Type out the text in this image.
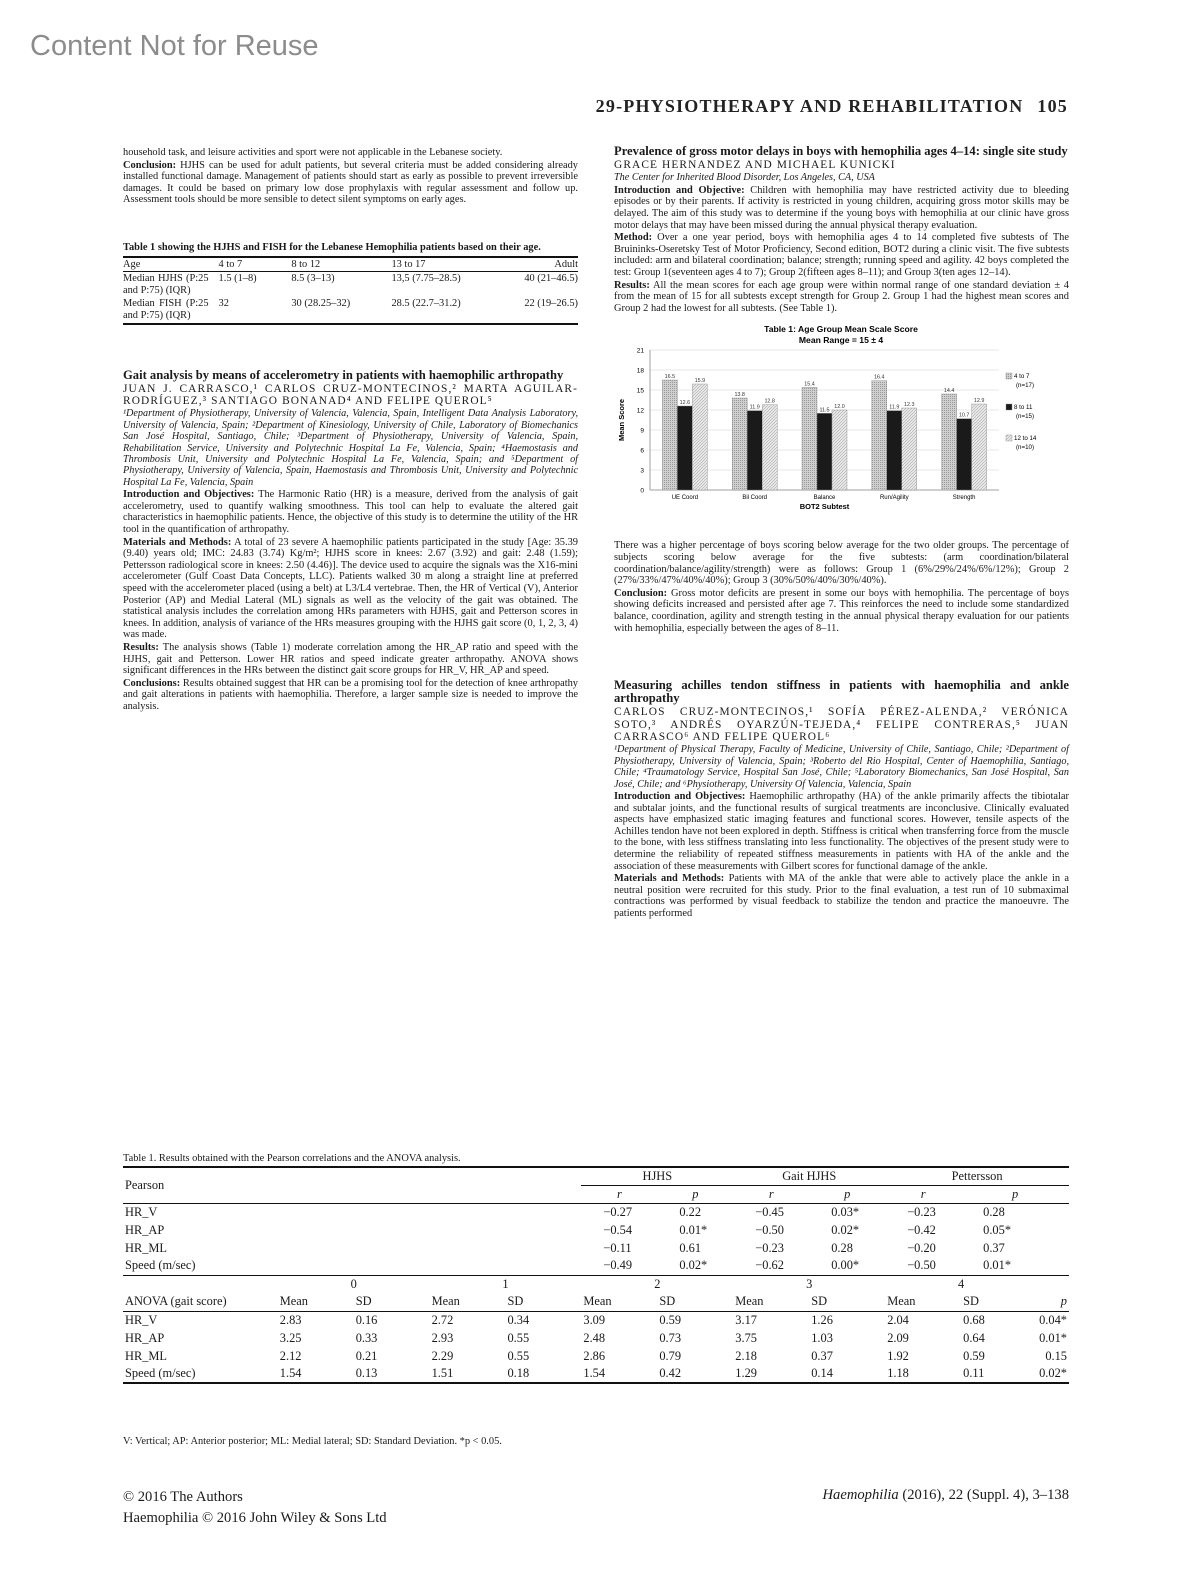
Content Not for Reuse
29-PHYSIOTHERAPY AND REHABILITATION 105

household task, and leisure activities and sport were not applicable in the Lebanese society.

Conclusion: HJHS can be used for adult patients, but several criteria must be added considering already installed functional damage. Management of patients should start as early as possible to prevent irreversible damages. It could be based on primary low dose prophylaxis with regular assessment and follow up. Assessment tools should be more sensible to detect silent symptoms on early ages.

Table 1 showing the HJHS and FISH for the Lebanese Hemophilia patients based on their age.

Age	4 to 7	8 to 12	13 to 17	Adult
Median HJHS (P:25 and P:75) (IQR)	1.5 (1–8)	8.5 (3–13)	13,5 (7.75–28.5)	40 (21–46.5)
Median FISH (P:25 and P:75) (IQR)	32	30 (28.25–32)	28.5 (22.7–31.2)	22 (19–26.5)

Gait analysis by means of accelerometry in patients with haemophilic arthropathy

JUAN J. CARRASCO,¹ CARLOS CRUZ-MONTECINOS,² MARTA AGUILAR-RODRÍGUEZ,³ SANTIAGO BONANAD⁴ AND FELIPE QUEROL⁵

¹Department of Physiotherapy, University of Valencia, Valencia, Spain, Intelligent Data Analysis Laboratory, University of Valencia, Spain; ²Department of Kinesiology, University of Chile, Laboratory of Biomechanics San José Hospital, Santiago, Chile; ³Department of Physiotherapy, University of Valencia, Spain, Rehabilitation Service, University and Polytechnic Hospital La Fe, Valencia, Spain; ⁴Haemostasis and Thrombosis Unit, University and Polytechnic Hospital La Fe, Valencia, Spain; and ⁵Department of Physiotherapy, University of Valencia, Spain, Haemostasis and Thrombosis Unit, University and Polytechnic Hospital La Fe, Valencia, Spain

Introduction and Objectives: The Harmonic Ratio (HR) is a measure, derived from the analysis of gait accelerometry, used to quantify walking smoothness. This tool can help to evaluate the altered gait characteristics in haemophilic patients. Hence, the objective of this study is to determine the utility of the HR tool in the quantification of arthropathy.

Materials and Methods: A total of 23 severe A haemophilic patients participated in the study [Age: 35.39 (9.40) years old; IMC: 24.83 (3.74) Kg/m²; HJHS score in knees: 2.67 (3.92) and gait: 2.48 (1.59); Pettersson radiological score in knees: 2.50 (4.46)]. The device used to acquire the signals was the X16-mini accelerometer (Gulf Coast Data Concepts, LLC). Patients walked 30 m along a straight line at preferred speed with the accelerometer placed (using a belt) at L3/L4 vertebrae. Then, the HR of Vertical (V), Anterior Posterior (AP) and Medial Lateral (ML) signals as well as the velocity of the gait was obtained. The statistical analysis includes the correlation among HRs parameters with HJHS, gait and Petterson scores in knees. In addition, analysis of variance of the HRs measures grouping with the HJHS gait score (0, 1, 2, 3, 4) was made.

Results: The analysis shows (Table 1) moderate correlation among the HR_AP ratio and speed with the HJHS, gait and Petterson. Lower HR ratios and speed indicate greater arthropathy. ANOVA shows significant differences in the HRs between the distinct gait score groups for HR_V, HR_AP and speed.

Conclusions: Results obtained suggest that HR can be a promising tool for the detection of knee arthropathy and gait alterations in patients with haemophilia. Therefore, a larger sample size is needed to improve the analysis.

Prevalence of gross motor delays in boys with hemophilia ages 4–14: single site study

GRACE HERNANDEZ AND MICHAEL KUNICKI

The Center for Inherited Blood Disorder, Los Angeles, CA, USA

Introduction and Objective: Children with hemophilia may have restricted activity due to bleeding episodes or by their parents. If activity is restricted in young children, acquiring gross motor skills may be delayed. The aim of this study was to determine if the young boys with hemophilia at our clinic have gross motor delays that may have been missed during the annual physical therapy evaluation.

Method: Over a one year period, boys with hemophilia ages 4 to 14 completed five subtests of The Bruininks-Oseretsky Test of Motor Proficiency, Second edition, BOT2 during a clinic visit. The five subtests included: arm and bilateral coordination; balance; strength; running speed and agility. 42 boys completed the test: Group 1(seventeen ages 4 to 7); Group 2(fifteen ages 8–11); and Group 3(ten ages 12–14).

Results: All the mean scores for each age group were within normal range of one standard deviation ± 4 from the mean of 15 for all subtests except strength for Group 2. Group 1 had the highest mean scores and Group 2 had the lowest for all subtests. (See Table 1).

Table 1: Age Group Mean Scale Score
Mean Range = 15 ± 4
0
3
6
9
12
15
18
21
Mean Score
16.5
12.6
15.9
UE Coord
13.8
11.9
12.8
Bil Coord
15.4
11.5
12.0
Balance
16.4
11.9 12.3
Run/Agility
14.4
10.7
12.9
Strength
BOT2 Subtest
4 to 7
(n=17)
8 to 11
(n=15)
12 to 14
(n=10)

There was a higher percentage of boys scoring below average for the two older groups. The percentage of subjects scoring below average for the five subtests: (arm coordination/bilateral coordination/balance/agility/strength) were as follows: Group 1 (6%/29%/24%/6%/12%); Group 2 (27%/33%/47%/40%/40%); Group 3 (30%/50%/40%/30%/40%).

Conclusion: Gross motor deficits are present in some our boys with hemophilia. The percentage of boys showing deficits increased and persisted after age 7. This reinforces the need to include some standardized balance, coordination, agility and strength testing in the annual physical therapy evaluation for our patients with hemophilia, especially between the ages of 8–11.

Measuring achilles tendon stiffness in patients with haemophilia and ankle arthropathy

CARLOS CRUZ-MONTECINOS,¹ SOFÍA PÉREZ-ALENDA,² VERÓNICA SOTO,³ ANDRÉS OYARZÚN-TEJEDA,⁴ FELIPE CONTRERAS,⁵ JUAN CARRASCO⁶ AND FELIPE QUEROL⁶

¹Department of Physical Therapy, Faculty of Medicine, University of Chile, Santiago, Chile; ²Department of Physiotherapy, University of Valencia, Spain; ³Roberto del Rio Hospital, Center of Haemophilia, Santiago, Chile; ⁴Traumatology Service, Hospital San José, Chile; ⁵Laboratory Biomechanics, San José Hospital, San José, Chile; and ⁶Physiotherapy, University Of Valencia, Valencia, Spain

Introduction and Objectives: Haemophilic arthropathy (HA) of the ankle primarily affects the tibiotalar and subtalar joints, and the functional results of surgical treatments are inconclusive. Clinically evaluated aspects have emphasized static imaging features and functional scores. However, tensile aspects of the Achilles tendon have not been explored in depth. Stiffness is critical when transferring force from the muscle to the bone, with less stiffness translating into less functionality. The objectives of the present study were to determine the reliability of repeated stiffness measurements in patients with HA of the ankle and the association of these measurements with Gilbert scores for functional damage of the ankle.

Materials and Methods: Patients with MA of the ankle that were able to actively place the ankle in a neutral position were recruited for this study. Prior to the final evaluation, a test run of 10 submaximal contractions was performed by visual feedback to stabilize the tendon and practice the manoeuvre. The patients performed

Table 1. Results obtained with the Pearson correlations and the ANOVA analysis.
Pearson					HJHS		Gait HJHS		Pettersson		
					r	p	r	p	r	p	
HR_V					−0.27	0.22	−0.45	0.03*	−0.23	0.28	
HR_AP					−0.54	0.01*	−0.50	0.02*	−0.42	0.05*	
HR_ML					−0.11	0.61	−0.23	0.28	−0.20	0.37	
Speed (m/sec)					−0.49	0.02*	−0.62	0.00*	−0.50	0.01*	
	0		1		2		3		4		
ANOVA (gait score)	Mean	SD	Mean	SD	Mean	SD	Mean	SD	Mean	SD	p
HR_V	2.83	0.16	2.72	0.34	3.09	0.59	3.17	1.26	2.04	0.68	0.04*
HR_AP	3.25	0.33	2.93	0.55	2.48	0.73	3.75	1.03	2.09	0.64	0.01*
HR_ML	2.12	0.21	2.29	0.55	2.86	0.79	2.18	0.37	1.92	0.59	0.15
Speed (m/sec)	1.54	0.13	1.51	0.18	1.54	0.42	1.29	0.14	1.18	0.11	0.02*
V: Vertical; AP: Anterior posterior; ML: Medial lateral; SD: Standard Deviation. *p < 0.05.
© 2016 The Authors
Haemophilia © 2016 John Wiley & Sons Ltd
Haemophilia (2016), 22 (Suppl. 4), 3–138
